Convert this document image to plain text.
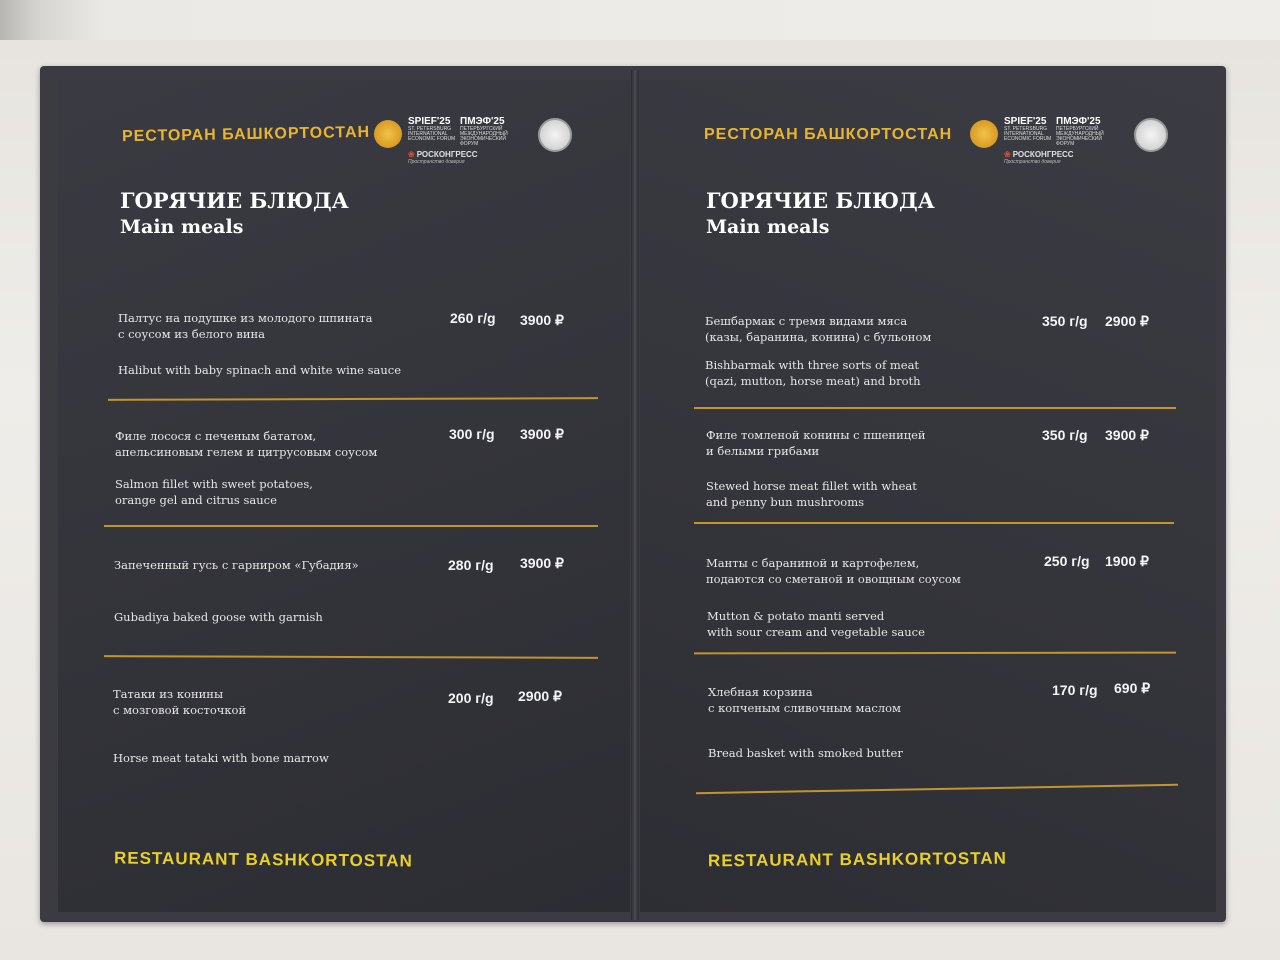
РЕСТОРАН БАШКОРТОСТАН
SPIEF'25
ST. PETERSBURG INTERNATIONAL ECONOMIC FORUM
ПМЭФ'25
ПЕТЕРБУРГСКИЙ МЕЖДУНАРОДНЫЙ ЭКОНОМИЧЕСКИЙ ФОРУМ
❀ РОСКОНГРЕСС
Пространство доверия
ГОРЯЧИЕ БЛЮДА
Main meals
Палтус на подушке из молодого шпината
с соусом из белого вина
Halibut with baby spinach and white wine sauce
260 г/g 3900 ₽
Филе лосося с печеным бататом,
апельсиновым гелем и цитрусовым соусом
Salmon fillet with sweet potatoes,
orange gel and citrus sauce
300 г/g 3900 ₽
Запеченный гусь с гарниром «Губадия»
Gubadiya baked goose with garnish
280 г/g 3900 ₽
Татаки из конины
с мозговой косточкой
Horse meat tataki with bone marrow
200 г/g 2900 ₽
RESTAURANT BASHKORTOSTAN
РЕСТОРАН БАШКОРТОСТАН
SPIEF'25
ST. PETERSBURG INTERNATIONAL ECONOMIC FORUM
ПМЭФ'25
ПЕТЕРБУРГСКИЙ МЕЖДУНАРОДНЫЙ ЭКОНОМИЧЕСКИЙ ФОРУМ
❀ РОСКОНГРЕСС
Пространство доверия
ГОРЯЧИЕ БЛЮДА
Main meals
Бешбармак с тремя видами мяса
(казы, баранина, конина) с бульоном
Bishbarmak with three sorts of meat
(qazi, mutton, horse meat) and broth
350 г/g 2900 ₽
Филе томленой конины с пшеницей
и белыми грибами
Stewed horse meat fillet with wheat
and penny bun mushrooms
350 г/g 3900 ₽
Манты с бараниной и картофелем,
подаются со сметаной и овощным соусом
Mutton & potato manti served
with sour cream and vegetable sauce
250 г/g 1900 ₽
Хлебная корзина
с копченым сливочным маслом
Bread basket with smoked butter
170 г/g 690 ₽
RESTAURANT BASHKORTOSTAN
